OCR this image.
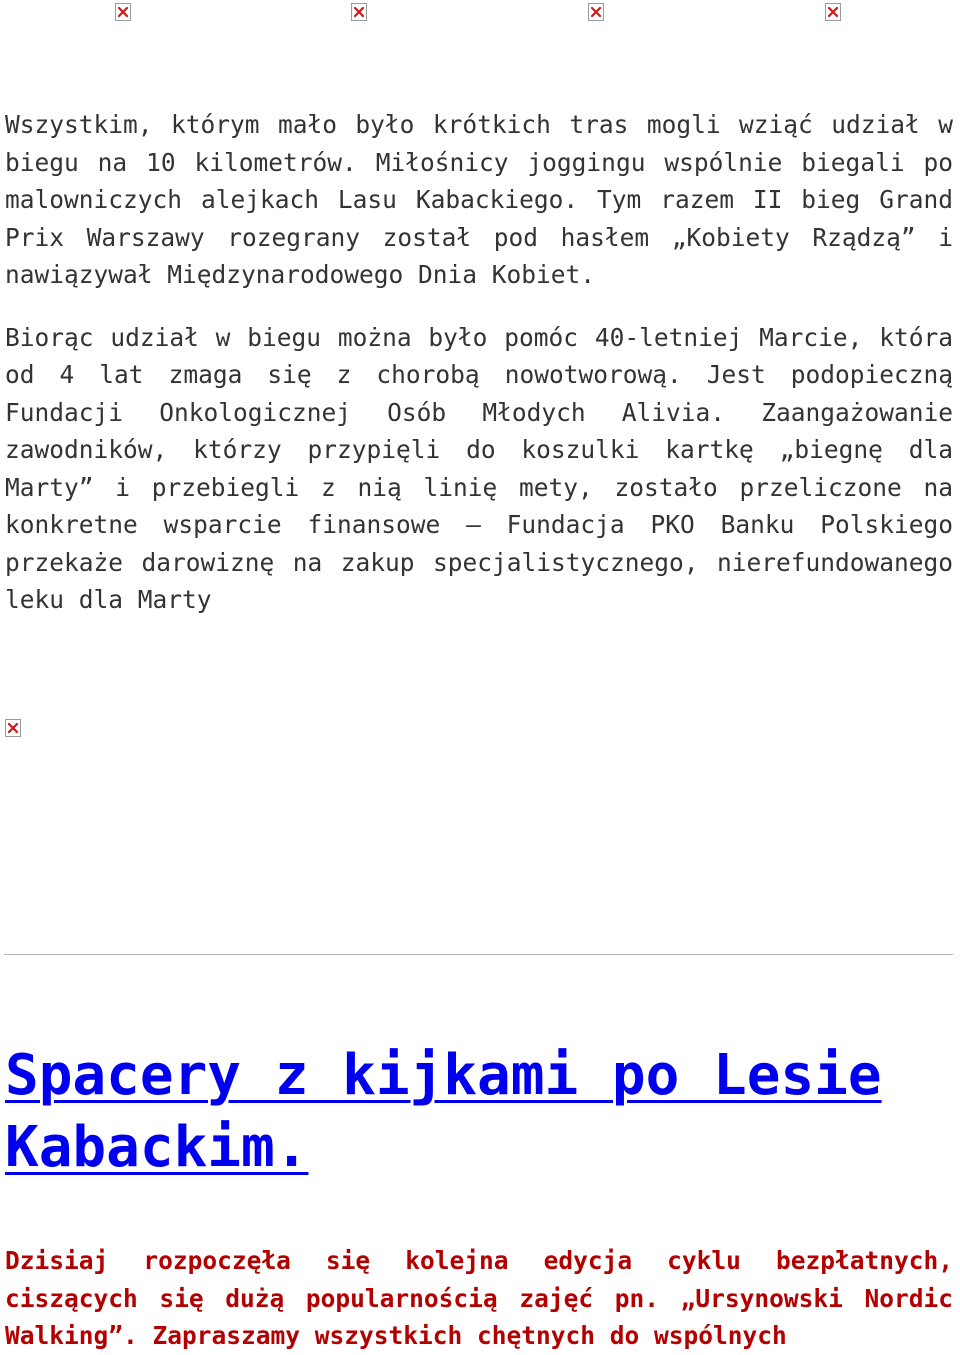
Wszystkim, którym mało było krótkich tras mogli wziąć udział w biegu na 10 kilometrów. Miłośnicy joggingu wspólnie biegali po malowniczych alejkach Lasu Kabackiego. Tym razem II bieg Grand Prix Warszawy rozegrany został pod hasłem „Kobiety Rządzą” i nawiązywał Międzynarodowego Dnia Kobiet.

Biorąc udział w biegu można było pomóc 40-letniej Marcie, która od 4 lat zmaga się z chorobą nowotworową. Jest podopieczną Fundacji Onkologicznej Osób Młodych Alivia. Zaangażowanie zawodników, którzy przypięli do koszulki kartkę „biegnę dla Marty” i przebiegli z nią linię mety, zostało przeliczone na konkretne wsparcie finansowe – Fundacja PKO Banku Polskiego przekaże darowiznę na zakup specjalistycznego, nierefundowanego leku dla Marty

Spacery z kijkami po Lesie Kabackim.

Dzisiaj rozpoczęła się kolejna edycja cyklu bezpłatnych, ciszących się dużą popularnością zajęć pn. „Ursynowski Nordic Walking”. Zapraszamy wszystkich chętnych do wspólnych
